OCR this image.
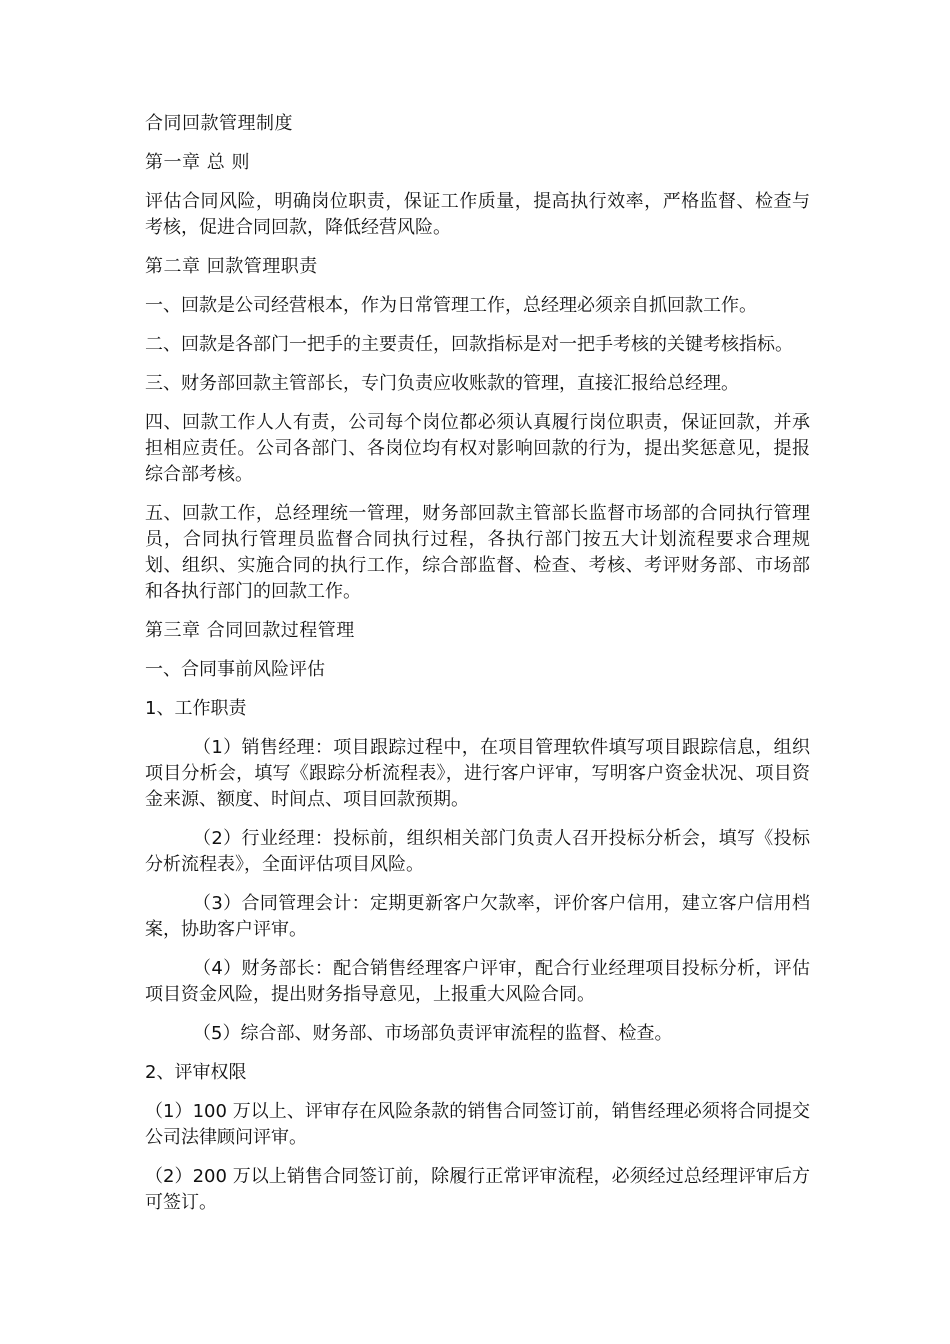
合同回款管理制度

第一章 总 则

评估合同风险，明确岗位职责，保证工作质量，提高执行效率，严格监督、检查与考核，促进合同回款，降低经营风险。

第二章 回款管理职责

一、回款是公司经营根本，作为日常管理工作，总经理必须亲自抓回款工作。

二、回款是各部门一把手的主要责任，回款指标是对一把手考核的关键考核指标。

三、财务部回款主管部长，专门负责应收账款的管理，直接汇报给总经理。

四、回款工作人人有责，公司每个岗位都必须认真履行岗位职责，保证回款，并承担相应责任。公司各部门、各岗位均有权对影响回款的行为，提出奖惩意见，提报综合部考核。

五、回款工作，总经理统一管理，财务部回款主管部长监督市场部的合同执行管理员，合同执行管理员监督合同执行过程，各执行部门按五大计划流程要求合理规划、组织、实施合同的执行工作，综合部监督、检查、考核、考评财务部、市场部和各执行部门的回款工作。

第三章 合同回款过程管理

一、合同事前风险评估

1、工作职责

（1）销售经理：项目跟踪过程中，在项目管理软件填写项目跟踪信息，组织项目分析会，填写《跟踪分析流程表》，进行客户评审，写明客户资金状况、项目资金来源、额度、时间点、项目回款预期。

（2）行业经理：投标前，组织相关部门负责人召开投标分析会，填写《投标分析流程表》，全面评估项目风险。

（3）合同管理会计：定期更新客户欠款率，评价客户信用，建立客户信用档案，协助客户评审。

（4）财务部长：配合销售经理客户评审，配合行业经理项目投标分析，评估项目资金风险，提出财务指导意见，上报重大风险合同。

（5）综合部、财务部、市场部负责评审流程的监督、检查。

2、评审权限

（1）100 万以上、评审存在风险条款的销售合同签订前，销售经理必须将合同提交公司法律顾问评审。

（2）200 万以上销售合同签订前，除履行正常评审流程，必须经过总经理评审后方可签订。
